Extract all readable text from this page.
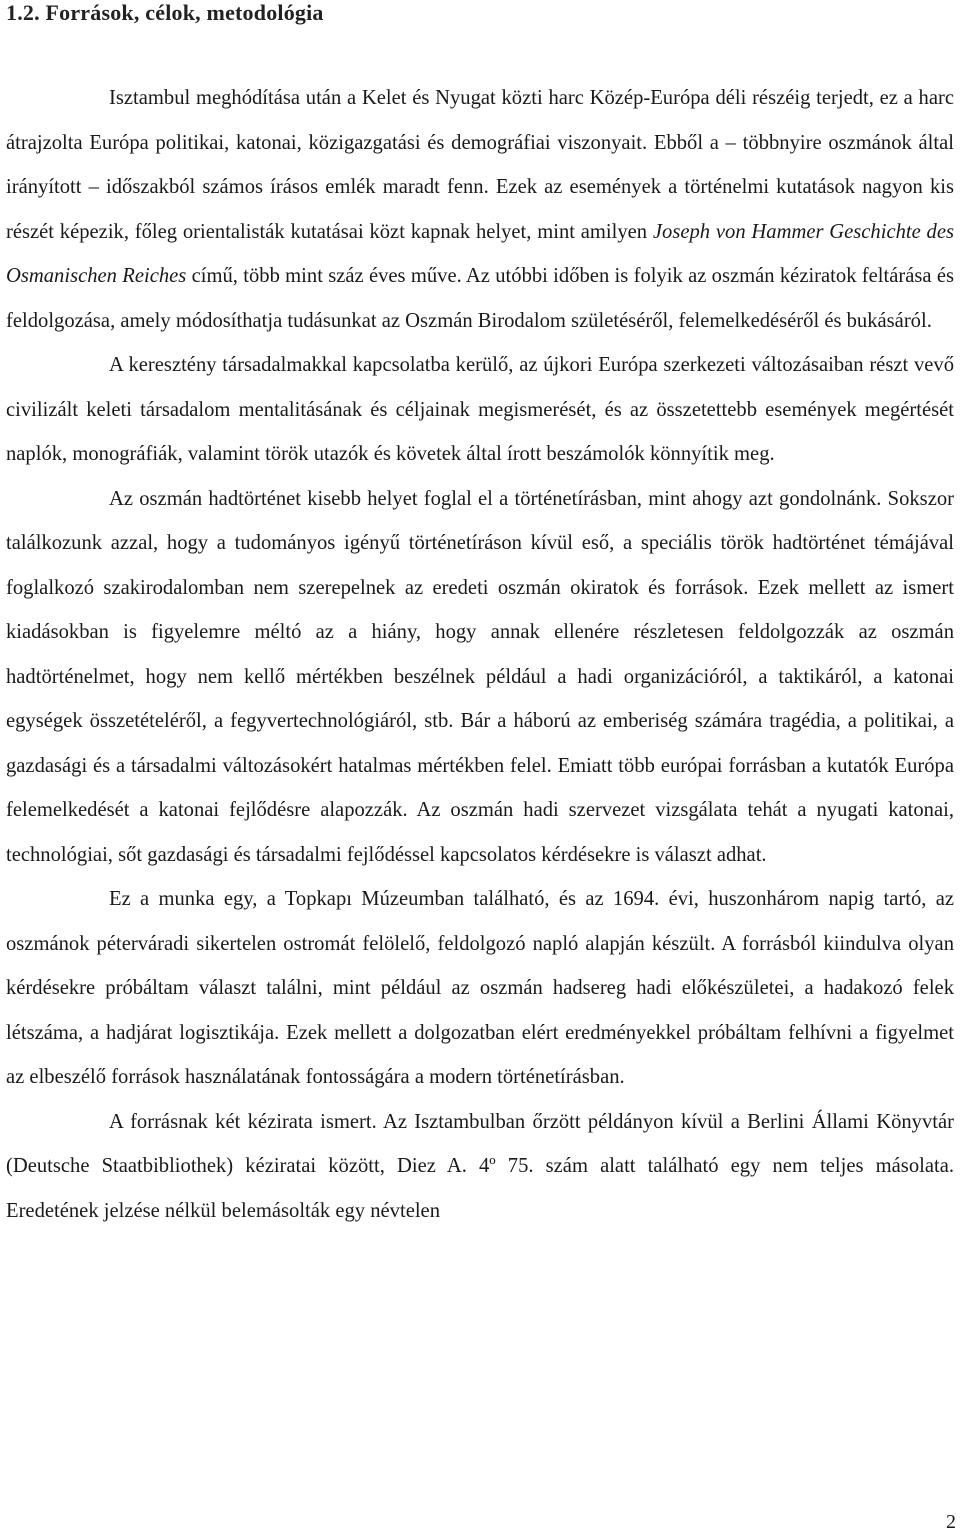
1.2. Források, célok, metodológia

Isztambul meghódítása után a Kelet és Nyugat közti harc Közép-Európa déli részéig terjedt, ez a harc átrajzolta Európa politikai, katonai, közigazgatási és demográfiai viszonyait. Ebből a – többnyire oszmánok által irányított – időszakból számos írásos emlék maradt fenn. Ezek az események a történelmi kutatások nagyon kis részét képezik, főleg orientalisták kutatásai közt kapnak helyet, mint amilyen Joseph von Hammer Geschichte des Osmanischen Reiches című, több mint száz éves műve. Az utóbbi időben is folyik az oszmán kéziratok feltárása és feldolgozása, amely módosíthatja tudásunkat az Oszmán Birodalom születéséről, felemelkedéséről és bukásáról.

A keresztény társadalmakkal kapcsolatba kerülő, az újkori Európa szerkezeti változásaiban részt vevő civilizált keleti társadalom mentalitásának és céljainak megismerését, és az összetettebb események megértését naplók, monográfiák, valamint török utazók és követek által írott beszámolók könnyítik meg.

Az oszmán hadtörténet kisebb helyet foglal el a történetírásban, mint ahogy azt gondolnánk. Sokszor találkozunk azzal, hogy a tudományos igényű történetíráson kívül eső, a speciális török hadtörténet témájával foglalkozó szakirodalomban nem szerepelnek az eredeti oszmán okiratok és források. Ezek mellett az ismert kiadásokban is figyelemre méltó az a hiány, hogy annak ellenére részletesen feldolgozzák az oszmán hadtörténelmet, hogy nem kellő mértékben beszélnek például a hadi organizációról, a taktikáról, a katonai egységek összetételéről, a fegyvertechnológiáról, stb. Bár a háború az emberiség számára tragédia, a politikai, a gazdasági és a társadalmi változásokért hatalmas mértékben felel. Emiatt több európai forrásban a kutatók Európa felemelkedését a katonai fejlődésre alapozzák. Az oszmán hadi szervezet vizsgálata tehát a nyugati katonai, technológiai, sőt gazdasági és társadalmi fejlődéssel kapcsolatos kérdésekre is választ adhat.

Ez a munka egy, a Topkapı Múzeumban található, és az 1694. évi, huszonhárom napig tartó, az oszmánok péterváradi sikertelen ostromát felölelő, feldolgozó napló alapján készült. A forrásból kiindulva olyan kérdésekre próbáltam választ találni, mint például az oszmán hadsereg hadi előkészületei, a hadakozó felek létszáma, a hadjárat logisztikája. Ezek mellett a dolgozatban elért eredményekkel próbáltam felhívni a figyelmet az elbeszélő források használatának fontosságára a modern történetírásban.

A forrásnak két kézirata ismert. Az Isztambulban őrzött példányon kívül a Berlini Állami Könyvtár (Deutsche Staatbibliothek) kéziratai között, Diez A. 4º 75. szám alatt található egy nem teljes másolata. Eredetének jelzése nélkül belemásolták egy névtelen

2
